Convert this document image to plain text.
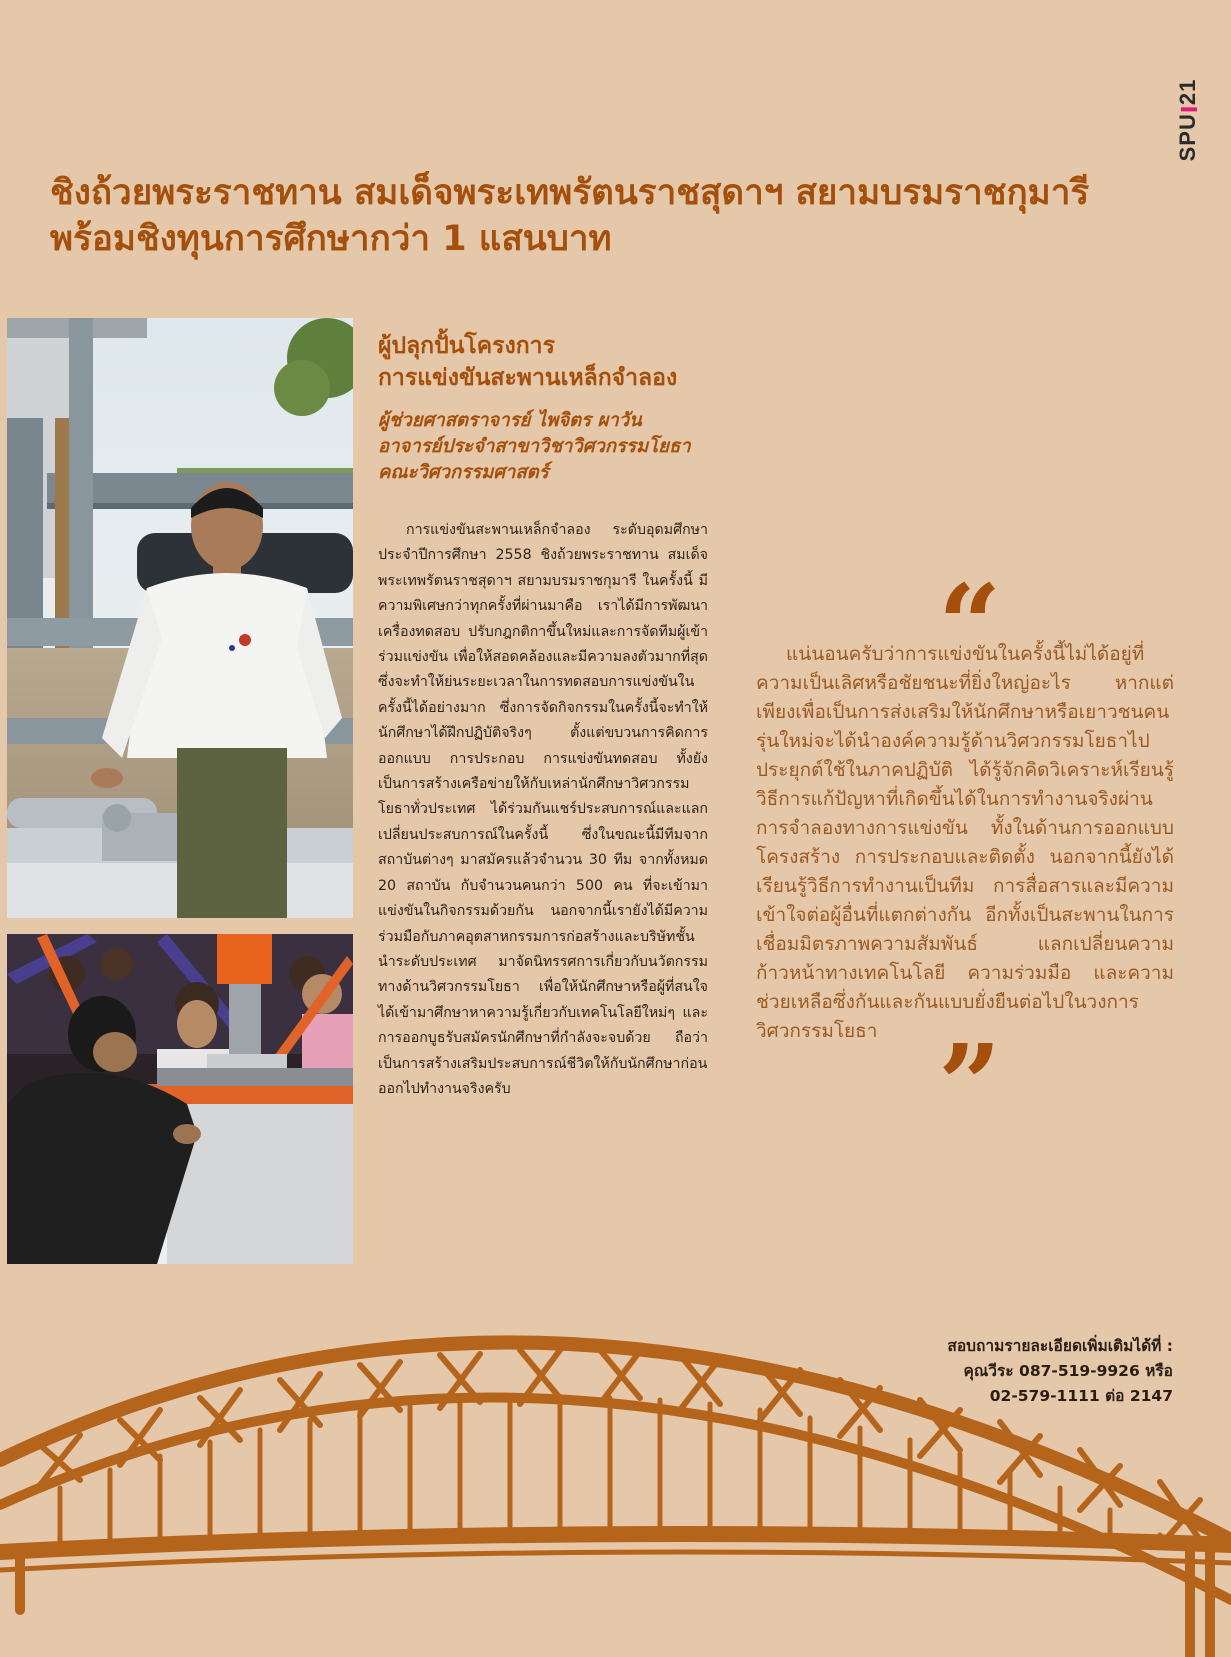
SPU21
ชิงถ้วยพระราชทาน สมเด็จพระเทพรัตนราชสุดาฯ สยามบรมราชกุมารี
พร้อมชิงทุนการศึกษากว่า 1 แสนบาท
ผู้ปลุกปั้นโครงการ
การแข่งขันสะพานเหล็กจำลอง
ผู้ช่วยศาสตราจารย์ ไพจิตร ผาวัน
อาจารย์ประจำสาขาวิชาวิศวกรรมโยธา
คณะวิศวกรรมศาสตร์

การแข่งขันสะพานเหล็กจำลอง ระดับอุดมศึกษาประจำปีการศึกษา 2558 ชิงถ้วยพระราชทาน สมเด็จพระเทพรัตนราชสุดาฯ สยามบรมราชกุมารี ในครั้งนี้ มีความพิเศษกว่าทุกครั้งที่ผ่านมาคือ เราได้มีการพัฒนาเครื่องทดสอบ ปรับกฎกติกาขึ้นใหม่และการจัดทีมผู้เข้าร่วมแข่งขัน เพื่อให้สอดคล้องและมีความลงตัวมากที่สุด ซึ่งจะทำให้ย่นระยะเวลาในการทดสอบการแข่งขันในครั้งนี้ได้อย่างมาก ซึ่งการจัดกิจกรรมในครั้งนี้จะทำให้นักศึกษาได้ฝึกปฏิบัติจริงๆ ตั้งแต่ขบวนการคิดการออกแบบ การประกอบ การแข่งขันทดสอบ ทั้งยังเป็นการสร้างเครือข่ายให้กับเหล่านักศึกษาวิศวกรรมโยธาทั่วประเทศ ได้ร่วมกันแชร์ประสบการณ์และแลกเปลี่ยนประสบการณ์ในครั้งนี้ ซึ่งในขณะนี้มีทีมจากสถาบันต่างๆ มาสมัครแล้วจำนวน 30 ทีม จากทั้งหมด 20 สถาบัน กับจำนวนคนกว่า 500 คน ที่จะเข้ามาแข่งขันในกิจกรรมด้วยกัน นอกจากนี้เรายังได้มีความร่วมมือกับภาคอุตสาหกรรมการก่อสร้างและบริษัทชั้นนำระดับประเทศ มาจัดนิทรรศการเกี่ยวกับนวัตกรรมทางด้านวิศวกรรมโยธา เพื่อให้นักศึกษาหรือผู้ที่สนใจได้เข้ามาศึกษาหาความรู้เกี่ยวกับเทคโนโลยีใหม่ๆ และการออกบูธรับสมัครนักศึกษาที่กำลังจะจบด้วย ถือว่าเป็นการสร้างเสริมประสบการณ์ชีวิตให้กับนักศึกษาก่อนออกไปทำงานจริงครับ

“

แน่นอนครับว่าการแข่งขันในครั้งนี้ไม่ได้อยู่ที่ความเป็นเลิศหรือชัยชนะที่ยิ่งใหญ่อะไร หากแต่เพียงเพื่อเป็นการส่งเสริมให้นักศึกษาหรือเยาวชนคนรุ่นใหม่จะได้นำองค์ความรู้ด้านวิศวกรรมโยธาไปประยุกต์ใช้ในภาคปฏิบัติ ได้รู้จักคิดวิเคราะห์เรียนรู้วิธีการแก้ปัญหาที่เกิดขึ้นได้ในการทำงานจริงผ่านการจำลองทางการแข่งขัน ทั้งในด้านการออกแบบโครงสร้าง การประกอบและติดตั้ง นอกจากนี้ยังได้เรียนรู้วิธีการทำงานเป็นทีม การสื่อสารและมีความเข้าใจต่อผู้อื่นที่แตกต่างกัน อีกทั้งเป็นสะพานในการเชื่อมมิตรภาพความสัมพันธ์ แลกเปลี่ยนความก้าวหน้าทางเทคโนโลยี ความร่วมมือ และความช่วยเหลือซึ่งกันและกันแบบยั่งยืนต่อไปในวงการวิศวกรรมโยธา ”
สอบถามรายละเอียดเพิ่มเติมได้ที่ :
คุณวีระ 087-519-9926 หรือ
02-579-1111 ต่อ 2147
